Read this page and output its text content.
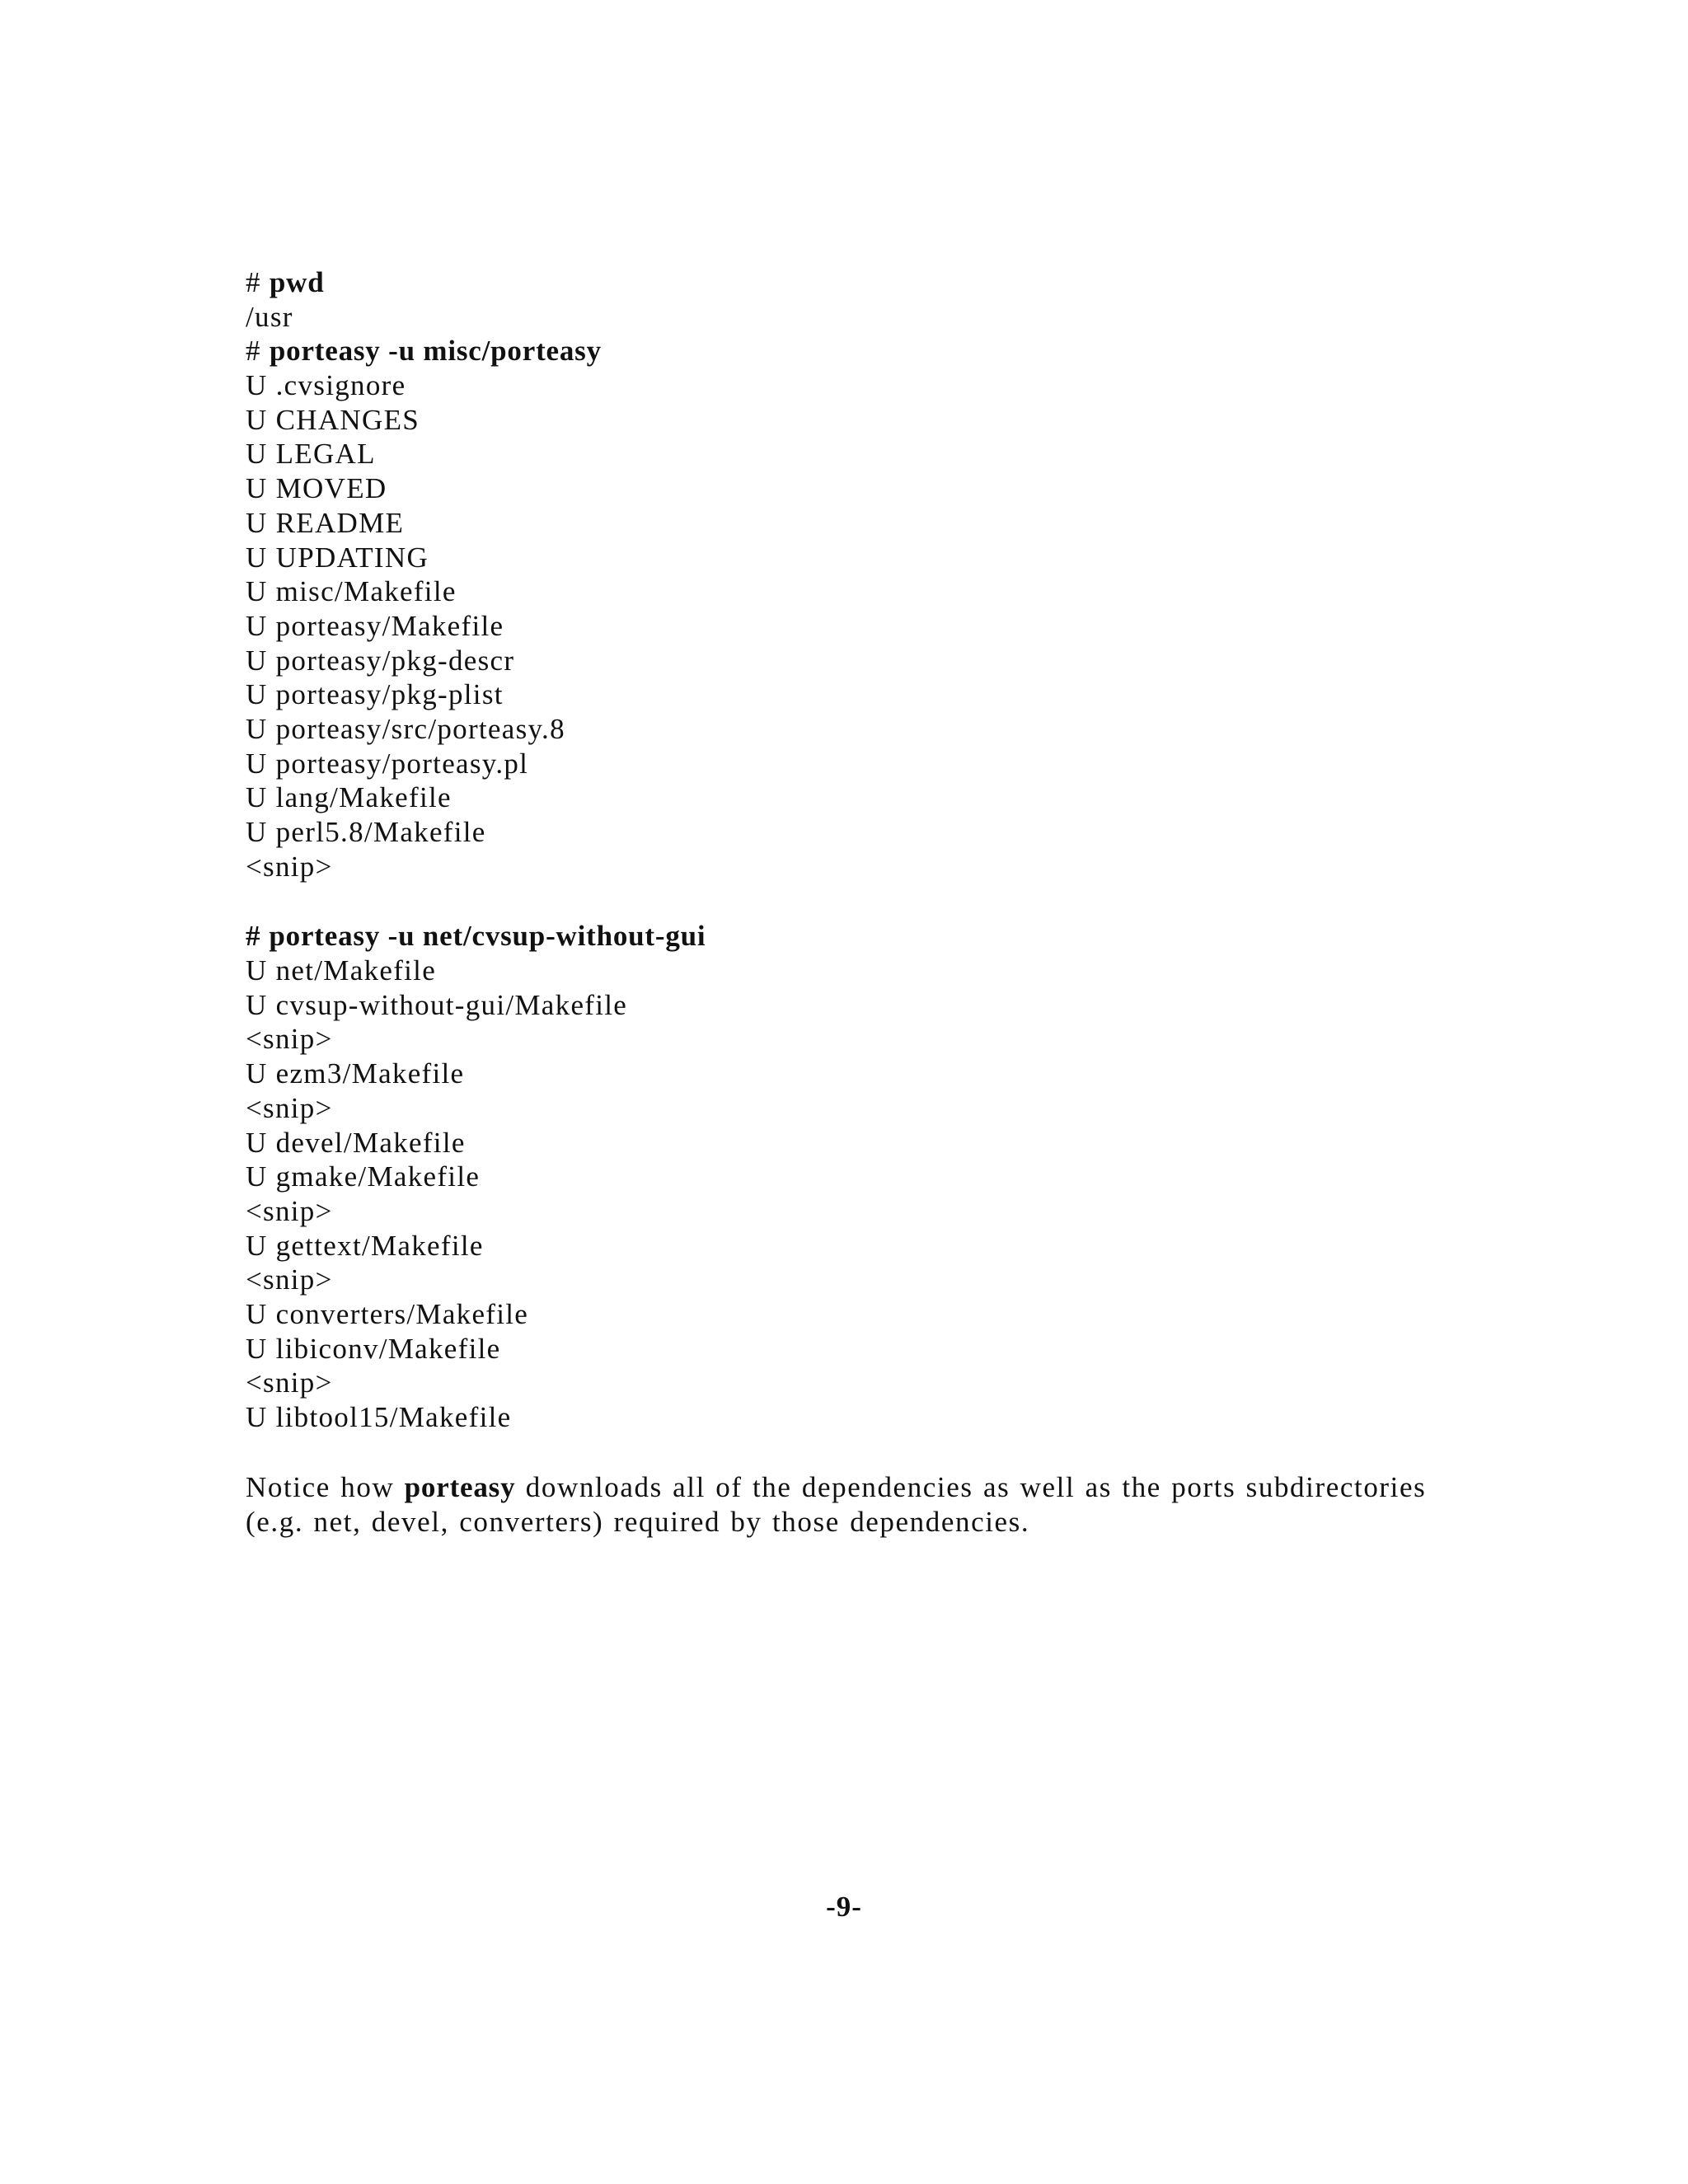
# pwd
/usr
# porteasy -u misc/porteasy
U .cvsignore
U CHANGES
U LEGAL
U MOVED
U README
U UPDATING
U misc/Makefile
U porteasy/Makefile
U porteasy/pkg-descr
U porteasy/pkg-plist
U porteasy/src/porteasy.8
U porteasy/porteasy.pl
U lang/Makefile
U perl5.8/Makefile
<snip>
# porteasy -u net/cvsup-without-gui
U net/Makefile
U cvsup-without-gui/Makefile
<snip>
U ezm3/Makefile
<snip>
U devel/Makefile
U gmake/Makefile
<snip>
U gettext/Makefile
<snip>
U converters/Makefile
U libiconv/Makefile
<snip>
U libtool15/Makefile

Notice how porteasy downloads all of the dependencies as well as the ports subdirectories (e.g. net, devel, converters) required by those dependencies.

-9-
